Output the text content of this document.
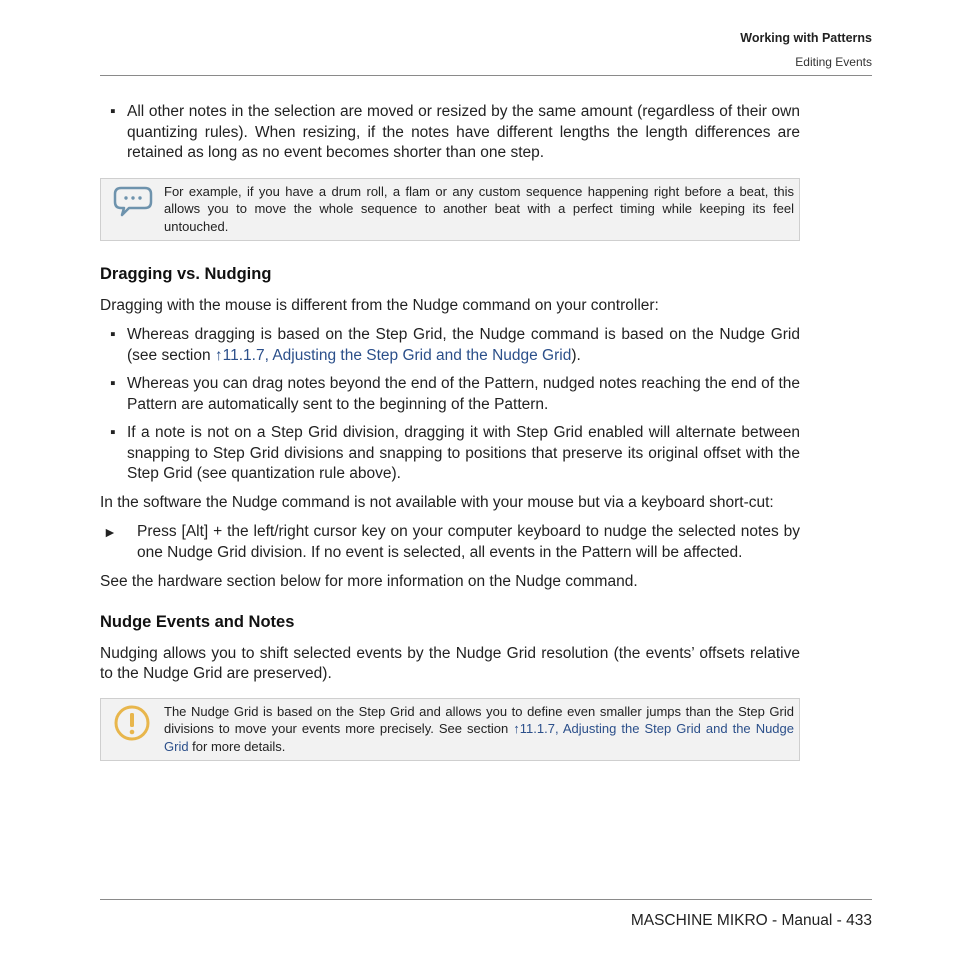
Working with Patterns
Editing Events

▪ All other notes in the selection are moved or resized by the same amount (regardless of their own quantizing rules). When resizing, if the notes have different lengths the length differences are retained as long as no event becomes shorter than one step.

For example, if you have a drum roll, a flam or any custom sequence happening right before a beat, this allows you to move the whole sequence to another beat with a perfect timing while keeping its feel untouched.

Dragging vs. Nudging

Dragging with the mouse is different from the Nudge command on your controller:

▪ Whereas dragging is based on the Step Grid, the Nudge command is based on the Nudge Grid (see section ↑11.1.7, Adjusting the Step Grid and the Nudge Grid).

▪ Whereas you can drag notes beyond the end of the Pattern, nudged notes reaching the end of the Pattern are automatically sent to the beginning of the Pattern.

▪ If a note is not on a Step Grid division, dragging it with Step Grid enabled will alternate between snapping to Step Grid divisions and snapping to positions that preserve its original offset with the Step Grid (see quantization rule above).

In the software the Nudge command is not available with your mouse but via a keyboard short-cut:

► Press [Alt] + the left/right cursor key on your computer keyboard to nudge the selected notes by one Nudge Grid division. If no event is selected, all events in the Pattern will be affected.

See the hardware section below for more information on the Nudge command.

Nudge Events and Notes

Nudging allows you to shift selected events by the Nudge Grid resolution (the events’ offsets relative to the Nudge Grid are preserved).

The Nudge Grid is based on the Step Grid and allows you to define even smaller jumps than the Step Grid divisions to move your events more precisely. See section ↑11.1.7, Adjusting the Step Grid and the Nudge Grid for more details.

MASCHINE MIKRO - Manual - 433
